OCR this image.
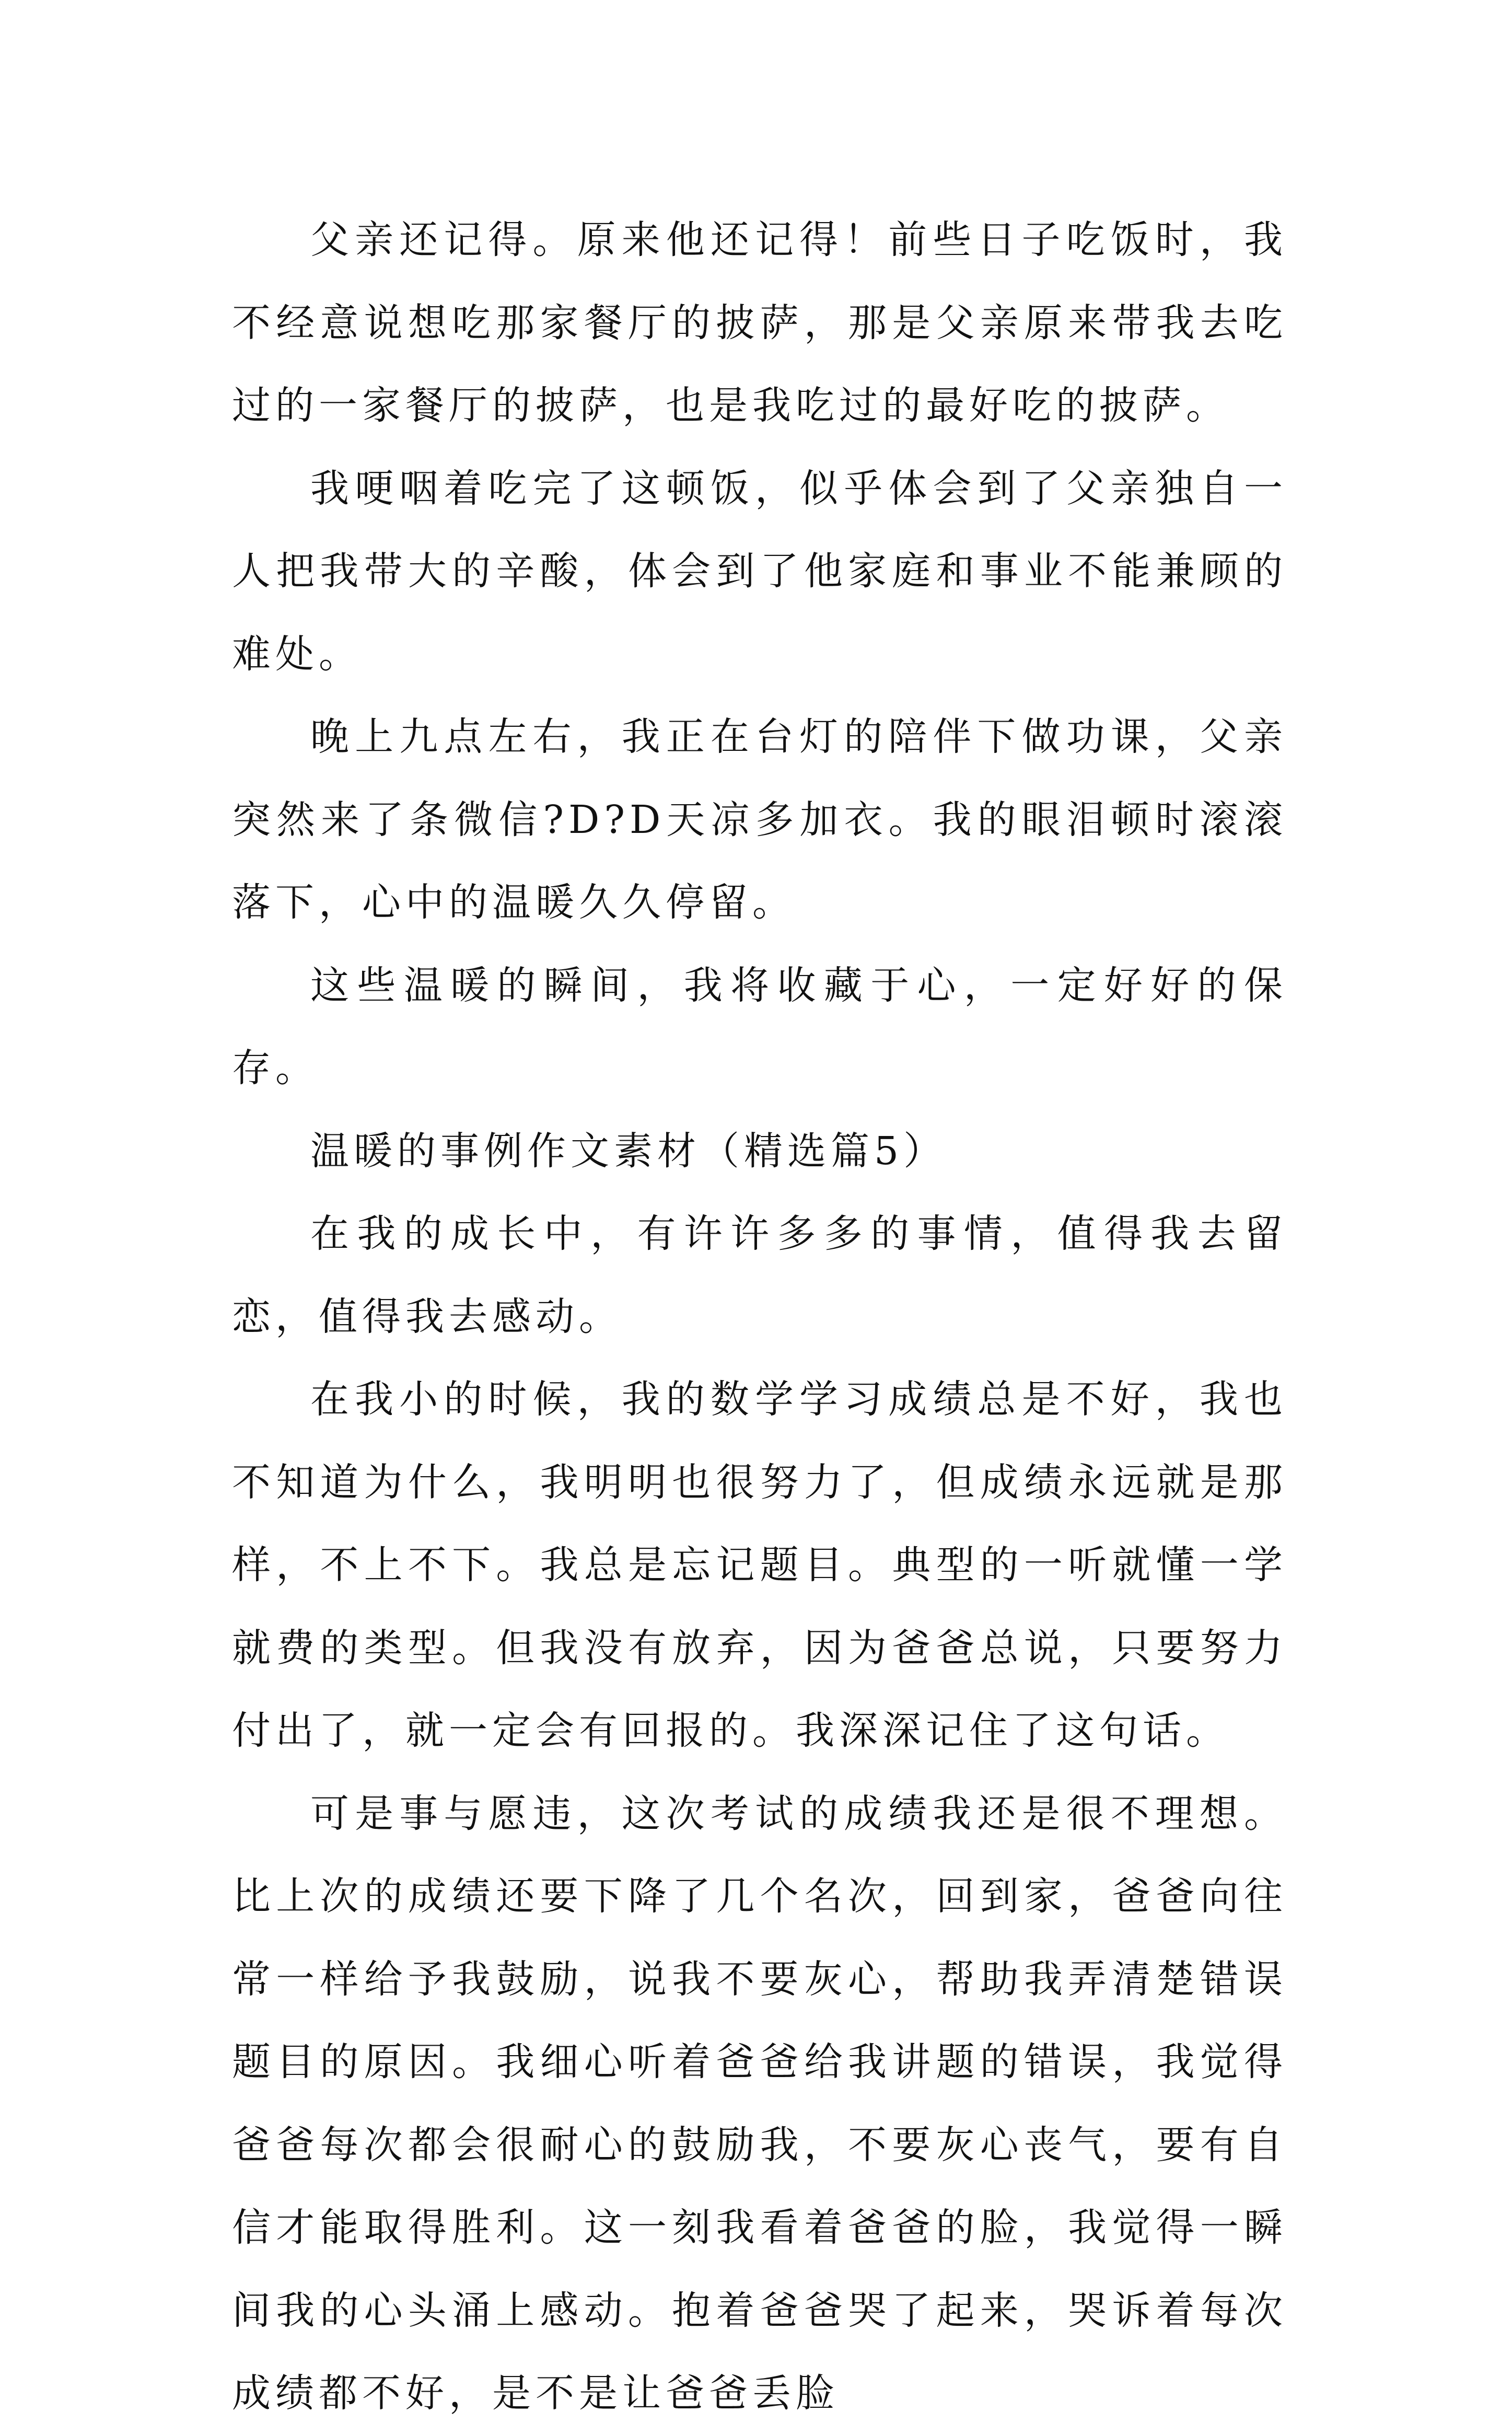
父亲还记得。原来他还记得！前些日子吃饭时，我不经意说想吃那家餐厅的披萨，那是父亲原来带我去吃过的一家餐厅的披萨，也是我吃过的最好吃的披萨。

我哽咽着吃完了这顿饭，似乎体会到了父亲独自一人把我带大的辛酸，体会到了他家庭和事业不能兼顾的难处。

晚上九点左右，我正在台灯的陪伴下做功课，父亲突然来了条微信?D?D天凉多加衣。我的眼泪顿时滚滚落下，心中的温暖久久停留。

这些温暖的瞬间，我将收藏于心，一定好好的保存。

温暖的事例作文素材（精选篇5）

在我的成长中，有许许多多的事情，值得我去留恋，值得我去感动。

在我小的时候，我的数学学习成绩总是不好，我也不知道为什么，我明明也很努力了，但成绩永远就是那样，不上不下。我总是忘记题目。典型的一听就懂一学就费的类型。但我没有放弃，因为爸爸总说，只要努力付出了，就一定会有回报的。我深深记住了这句话。

可是事与愿违，这次考试的成绩我还是很不理想。比上次的成绩还要下降了几个名次，回到家，爸爸向往常一样给予我鼓励，说我不要灰心，帮助我弄清楚错误题目的原因。我细心听着爸爸给我讲题的错误，我觉得爸爸每次都会很耐心的鼓励我，不要灰心丧气，要有自信才能取得胜利。这一刻我看着爸爸的脸，我觉得一瞬间我的心头涌上感动。抱着爸爸哭了起来，哭诉着每次成绩都不好，是不是让爸爸丢脸
